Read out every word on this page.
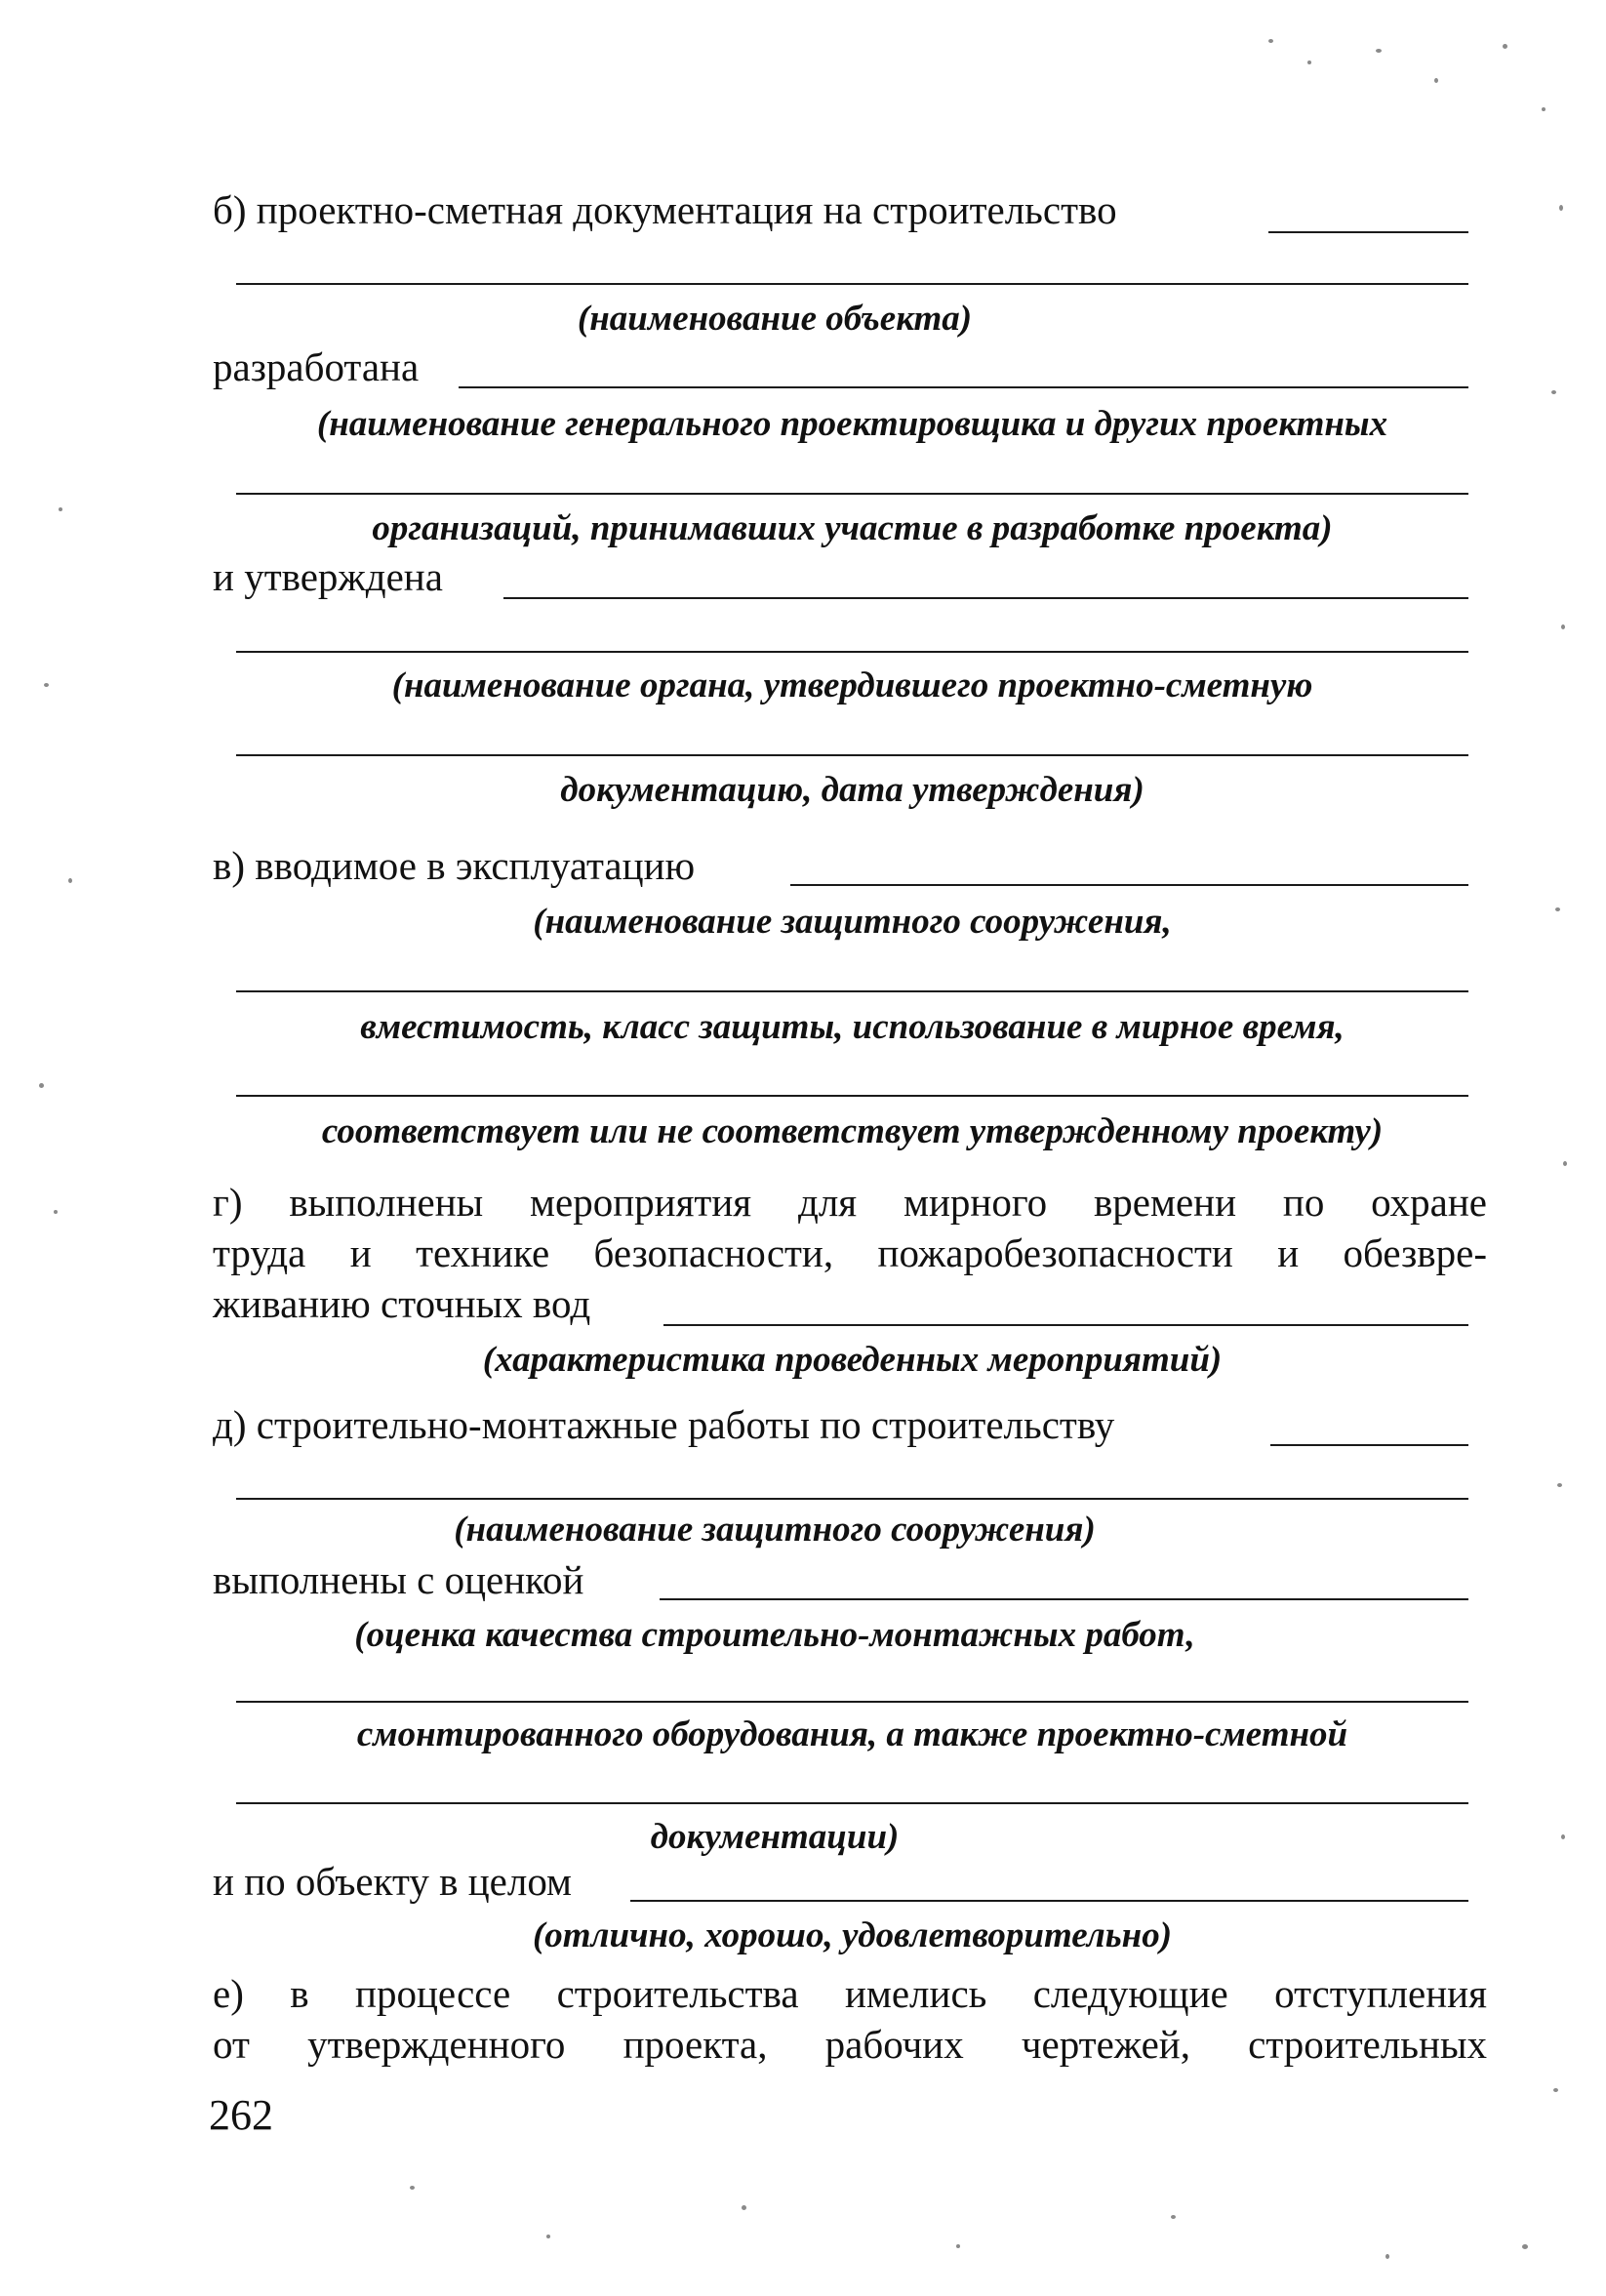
б) проектно-сметная документация на строительство
(наименование объекта)
разработана
(наименование генерального проектировщика и других проектных
организаций, принимавших участие в разработке проекта)
и утверждена
(наименование органа, утвердившего проектно-сметную
документацию, дата утверждения)
в) вводимое в эксплуатацию
(наименование защитного сооружения,
вместимость, класс защиты, использование в мирное время,
соответствует или не соответствует утвержденному проекту)
г) выполнены мероприятия для мирного времени по охране
труда и технике безопасности, пожаробезопасности и обезвре-
живанию сточных вод
(характеристика проведенных мероприятий)
д) строительно-монтажные работы по строительству
(наименование защитного сооружения)
выполнены с оценкой
(оценка качества строительно-монтажных работ,
смонтированного оборудования, а также проектно-сметной
документации)
и по объекту в целом
(отлично, хорошо, удовлетворительно)
е) в процессе строительства имелись следующие отступления
от утвержденного проекта, рабочих чертежей, строительных
262
